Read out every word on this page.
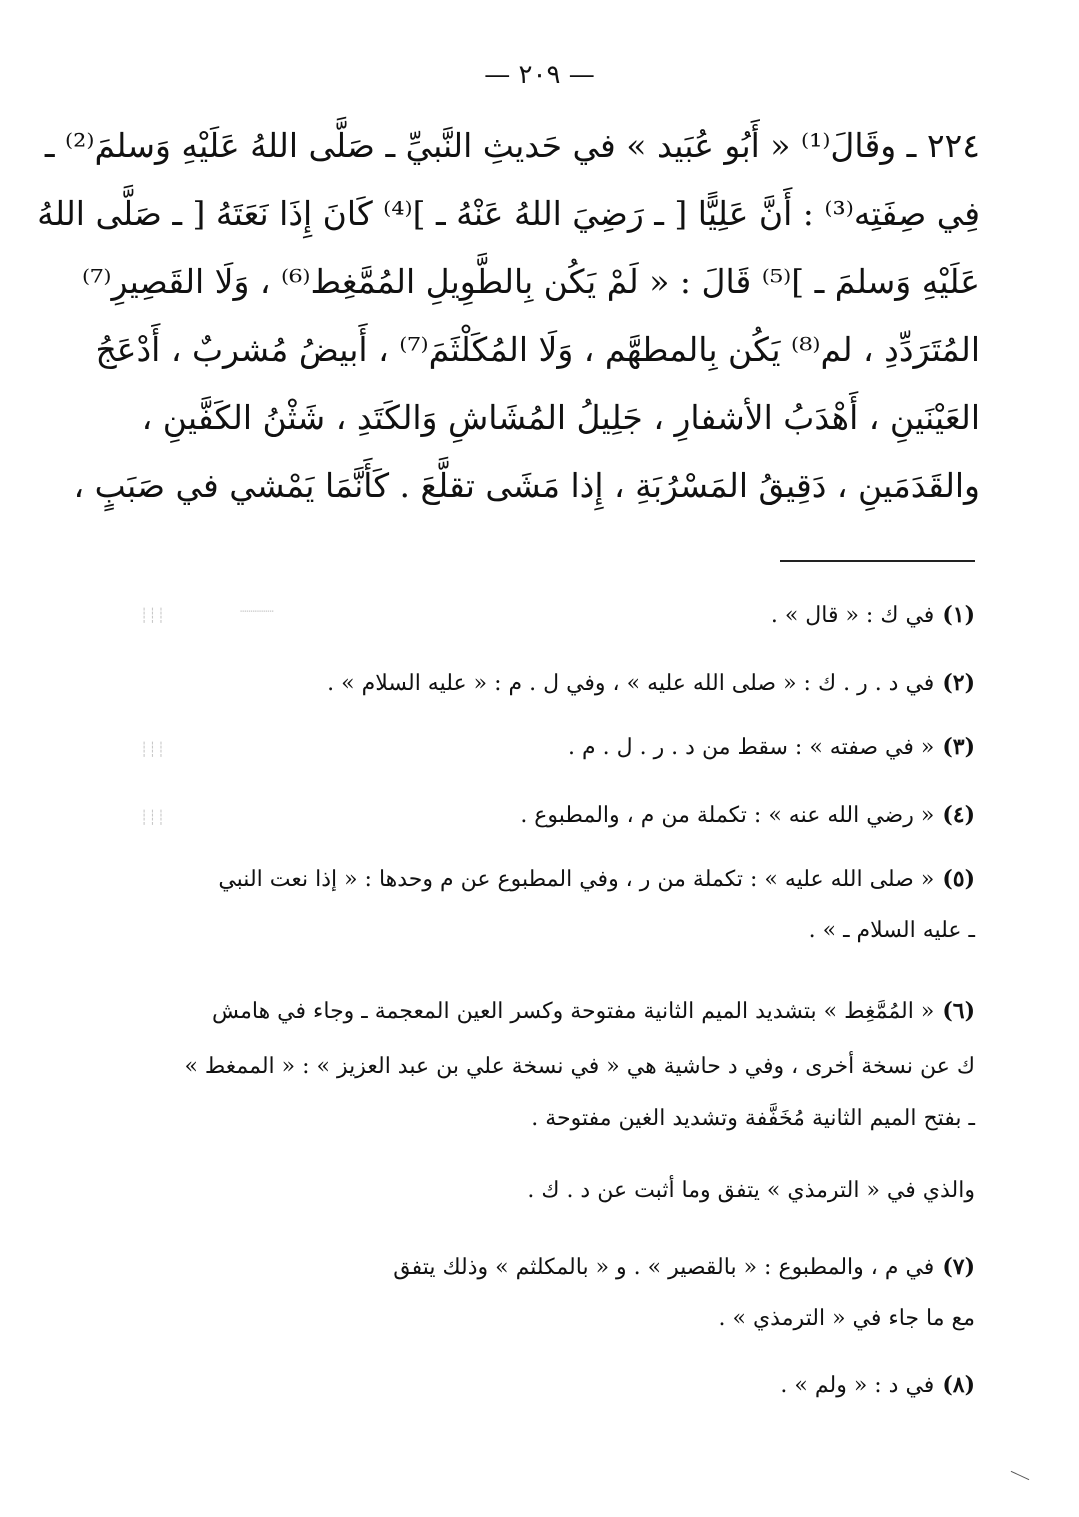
— ٢٠٩ —
٢٢٤ ـ وقَالَ⁽¹⁾ « أَبُو عُبَيد » في حَديثِ النَّبيِّ ـ صَلَّى اللهُ عَلَيْهِ وَسلمَ⁽²⁾ ـ
فِي صِفَتِه⁽³⁾ : أَنَّ عَلِيًّا [ ـ رَضِيَ اللهُ عَنْهُ ـ ]⁽⁴⁾ كَانَ إِذَا نَعَتَهُ [ ـ صَلَّى اللهُ
عَلَيْهِ وَسلمَ ـ ]⁽⁵⁾ قَالَ : « لَمْ يَكُن بِالطَّوِيلِ المُمَّغِط⁽⁶⁾ ، وَلَا القَصِيرِ⁽⁷⁾
المُتَرَدِّدِ ، لم⁽⁸⁾ يَكُن بِالمطهَّم ، وَلَا المُكَلْثَمَ⁽⁷⁾ ، أَبيضُ مُشربٌ ، أَدْعَجُ
العَيْنَينِ ، أَهْدَبُ الأشفارِ ، جَلِيلُ المُشَاشِ وَالكَتَدِ ، شَثْنُ الكَفَّينِ ،
والقَدَمَينِ ، دَقِيقُ المَسْرُبَةِ ، إِذا مَشَى تقلَّعَ . كَأَنَّمَا يَمْشي في صَبَبٍ ،
(١)في ك : « قال » .
(٢)في د . ر . ك : « صلى الله عليه » ، وفي ل . م : « عليه السلام » .
(٣)« في صفته » : سقط من د . ر . ل . م .
(٤)« رضي الله عنه » : تكملة من م ، والمطبوع .
(٥)« صلى الله عليه » : تكملة من ر ، وفي المطبوع عن م وحدها : « إذا نعت النبي
ـ عليه السلام ـ » .
(٦)« المُمَّغِط » بتشديد الميم الثانية مفتوحة وكسر العين المعجمة ـ وجاء في هامش
ك عن نسخة أخرى ، وفي د حاشية هي « في نسخة علي بن عبد العزيز » : « الممغط »
ـ بفتح الميم الثانية مُخَفَّفة وتشديد الغين مفتوحة .
والذي في « الترمذي » يتفق وما أثبت عن د . ك .
(٧)في م ، والمطبوع : « بالقصير » . و « بالمكلثم » وذلك يتفق
مع ما جاء في « الترمذي » .
(٨)في د : « ولم » .
┊┊┊	┈┈┈┈
┊┊┊
┊┊┊
